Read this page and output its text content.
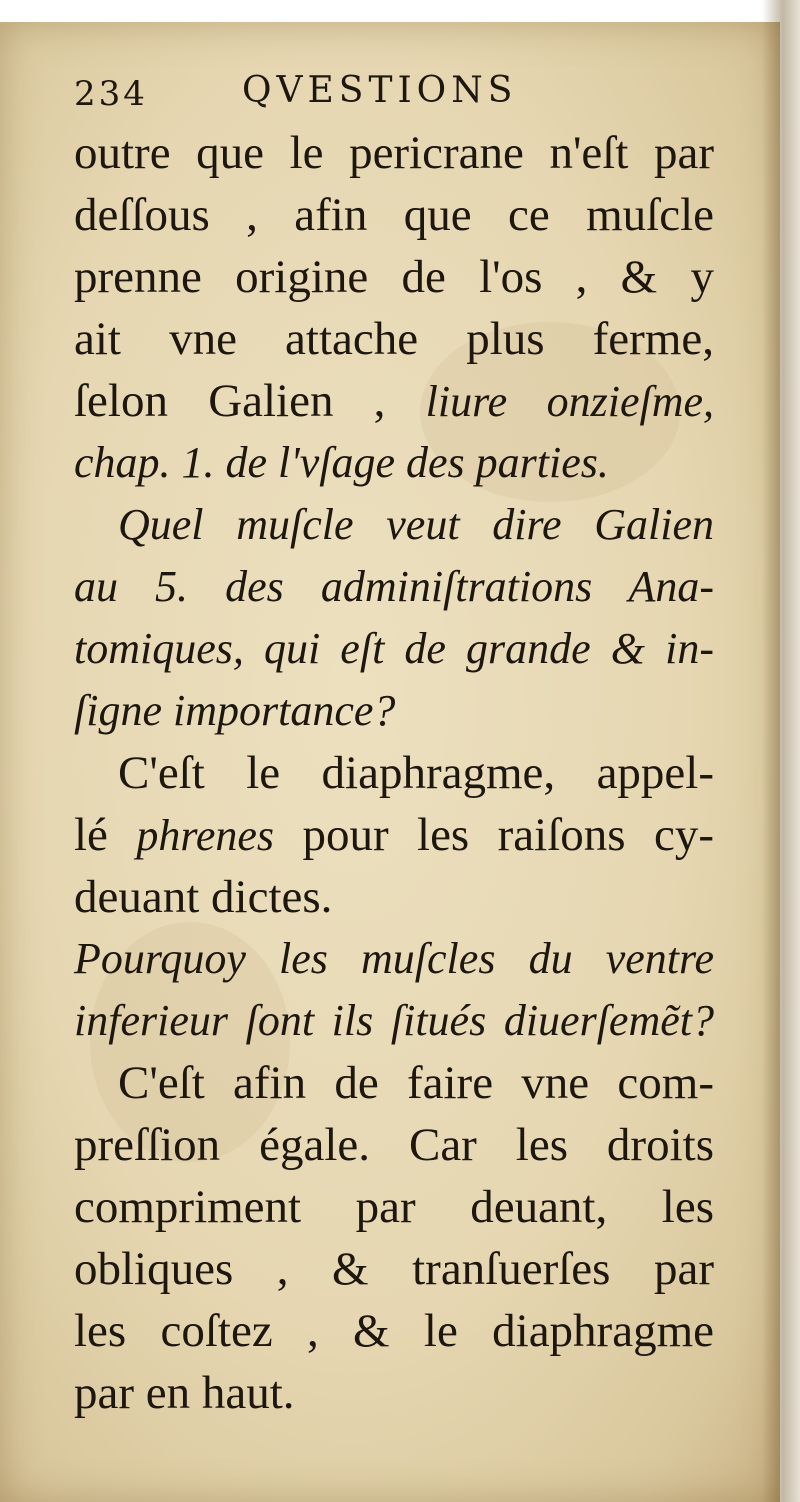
234	QVESTIONS
outre que le pericrane n'eſt par
deſſous , afin que ce muſcle
prenne origine de l'os , & y
ait vne attache plus ferme,
ſelon Galien , liure onzieſme,
chap. 1. de l'vſage des parties.
Quel muſcle veut dire Galien
au 5. des adminiſtrations Ana-
tomiques, qui eſt de grande & in-
ſigne importance?
C'eſt le diaphragme, appel-
lé phrenes pour les raiſons cy-
deuant dictes.
Pourquoy les muſcles du ventre
inferieur ſont ils ſitués diuerſemẽt?
C'eſt afin de faire vne com-
preſſion égale. Car les droits
compriment par deuant, les
obliques , & tranſuerſes par
les coſtez , & le diaphragme
par en haut.
